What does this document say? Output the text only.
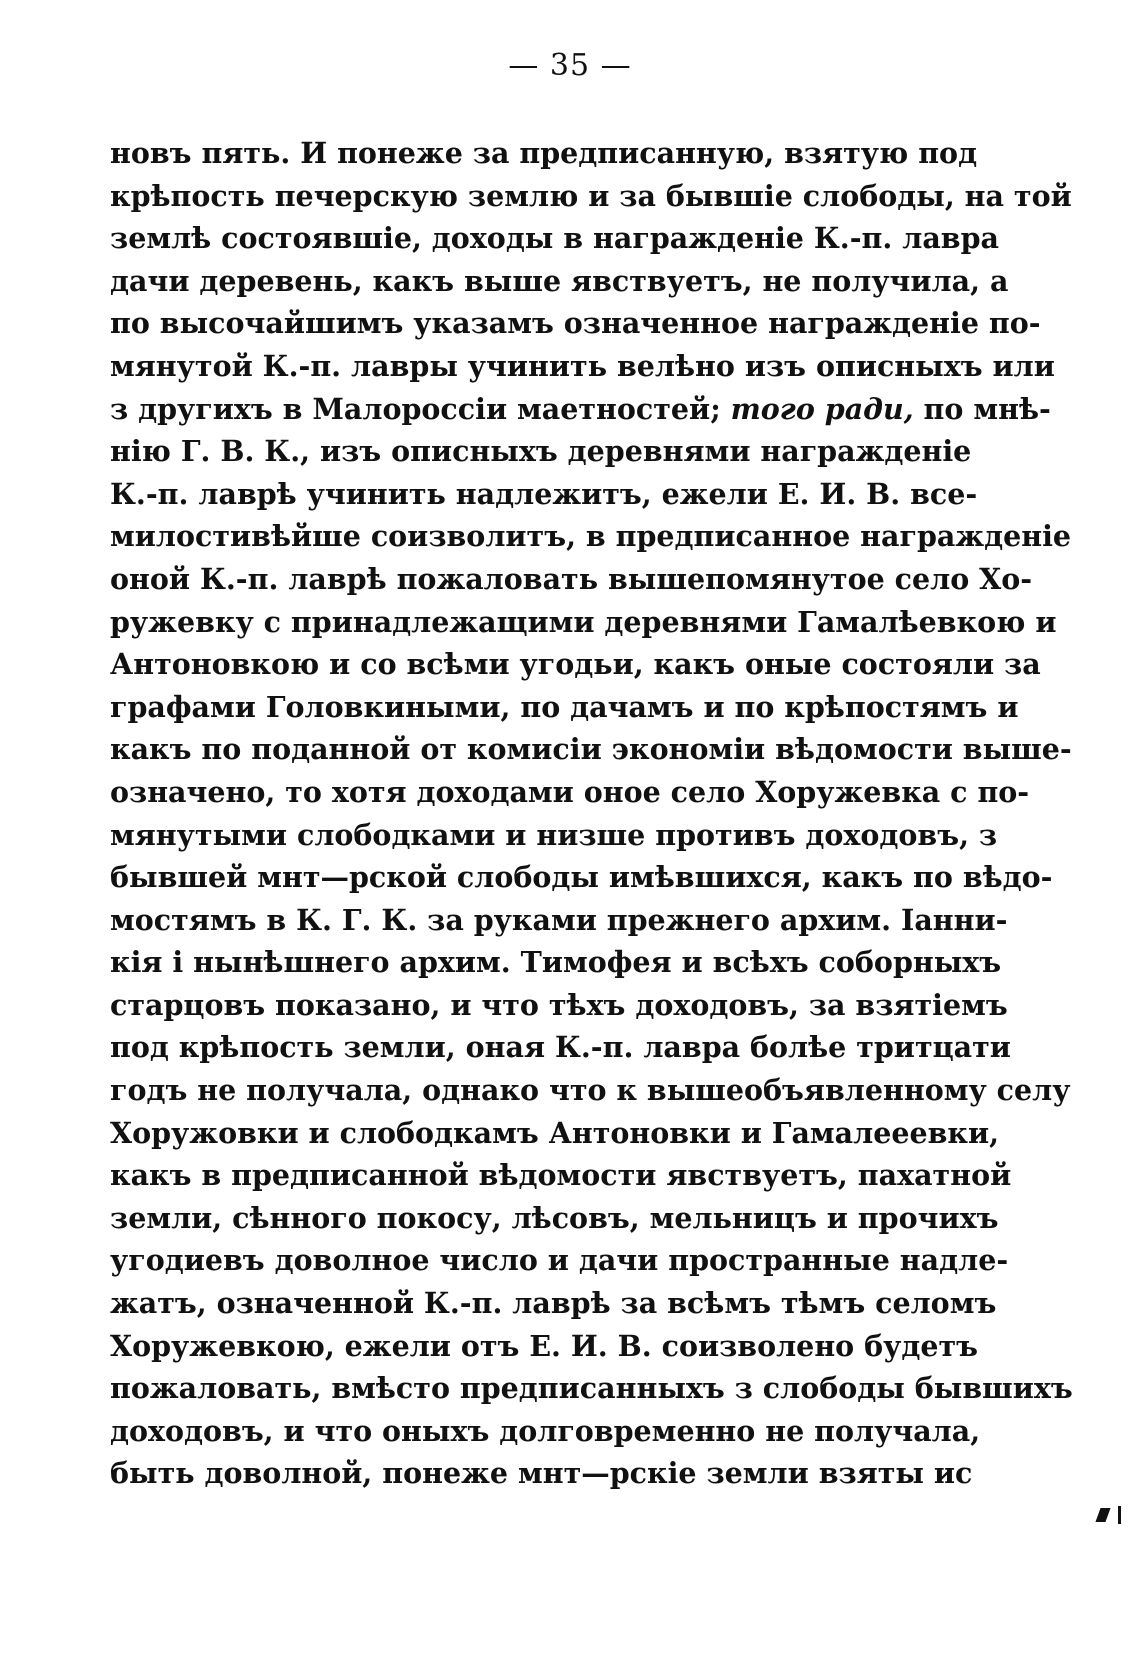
— 35 —
новъ пять. И понеже за предписанную, взятую под
крѣпость печерскую землю и за бывшіе слободы, на той
землѣ состоявшіе, доходы в награжденіе К.-п. лавра
дачи деревень, какъ выше явствуетъ, не получила, а
по высочайшимъ указамъ означенное награжденіе по-
мянутой К.-п. лавры учинить велѣно изъ описныхъ или
з другихъ в Малороссіи маетностей; того ради, по мнѣ-
нію Г. В. К., изъ описныхъ деревнями награжденіе
К.-п. лаврѣ учинить надлежитъ, ежели Е. И. В. все-
милостивѣйше соизволитъ, в предписанное награжденіе
оной К.-п. лаврѣ пожаловать вышепомянутое село Хо-
ружевку с принадлежащими деревнями Гамалѣевкою и
Антоновкою и со всѣми угодьи, какъ оные состояли за
графами Головкиными, по дачамъ и по крѣпостямъ и
какъ по поданной от комисіи экономіи вѣдомости выше-
означено, то хотя доходами оное село Хоружевка с по-
мянутыми слободками и низше противъ доходовъ, з
бывшей мнт—рской слободы имѣвшихся, какъ по вѣдо-
мостямъ в К. Г. К. за руками прежнего архим. Іанни-
кія і нынѣшнего архим. Тимофея и всѣхъ соборныхъ
старцовъ показано, и что тѣхъ доходовъ, за взятіемъ
под крѣпость земли, оная К.-п. лавра болѣе тритцати
годъ не получала, однако что к вышеобъявленному селу
Хоружовки и слободкамъ Антоновки и Гамалееевки,
какъ в предписанной вѣдомости явствуетъ, пахатной
земли, сѣнного покосу, лѣсовъ, мельницъ и прочихъ
угодиевъ доволное число и дачи пространные надле-
жатъ, означенной К.-п. лаврѣ за всѣмъ тѣмъ селомъ
Хоружевкою, ежели отъ Е. И. В. соизволено будетъ
пожаловать, вмѣсто предписанныхъ з слободы бывшихъ
доходовъ, и что оныхъ долговременно не получала,
быть доволной, понеже мнт—рскіе земли взяты ис
